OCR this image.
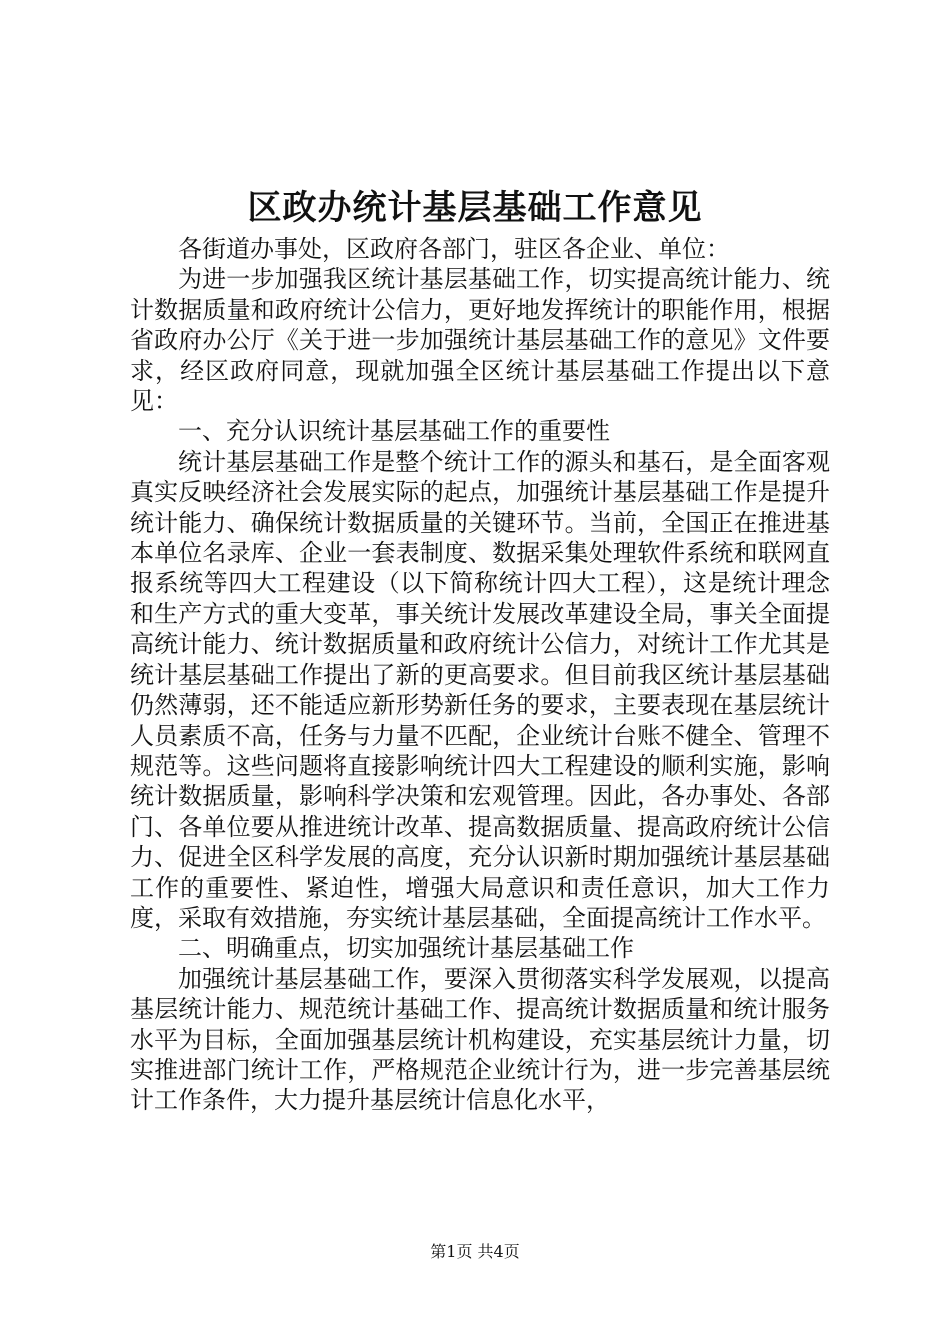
区政办统计基层基础工作意见

各街道办事处，区政府各部门，驻区各企业、单位：

为进一步加强我区统计基层基础工作，切实提高统计能力、统计数据质量和政府统计公信力，更好地发挥统计的职能作用，根据省政府办公厅《关于进一步加强统计基层基础工作的意见》文件要求，经区政府同意，现就加强全区统计基层基础工作提出以下意见：

一、充分认识统计基层基础工作的重要性

统计基层基础工作是整个统计工作的源头和基石，是全面客观真实反映经济社会发展实际的起点，加强统计基层基础工作是提升统计能力、确保统计数据质量的关键环节。当前，全国正在推进基本单位名录库、企业一套表制度、数据采集处理软件系统和联网直报系统等四大工程建设（以下简称统计四大工程），这是统计理念和生产方式的重大变革，事关统计发展改革建设全局，事关全面提高统计能力、统计数据质量和政府统计公信力，对统计工作尤其是统计基层基础工作提出了新的更高要求。但目前我区统计基层基础仍然薄弱，还不能适应新形势新任务的要求，主要表现在基层统计人员素质不高，任务与力量不匹配，企业统计台账不健全、管理不规范等。这些问题将直接影响统计四大工程建设的顺利实施，影响统计数据质量，影响科学决策和宏观管理。因此，各办事处、各部门、各单位要从推进统计改革、提高数据质量、提高政府统计公信力、促进全区科学发展的高度，充分认识新时期加强统计基层基础工作的重要性、紧迫性，增强大局意识和责任意识，加大工作力度，采取有效措施，夯实统计基层基础，全面提高统计工作水平。

二、明确重点，切实加强统计基层基础工作

加强统计基层基础工作，要深入贯彻落实科学发展观，以提高基层统计能力、规范统计基础工作、提高统计数据质量和统计服务水平为目标，全面加强基层统计机构建设，充实基层统计力量，切实推进部门统计工作，严格规范企业统计行为，进一步完善基层统计工作条件，大力提升基层统计信息化水平，

第1页 共4页
